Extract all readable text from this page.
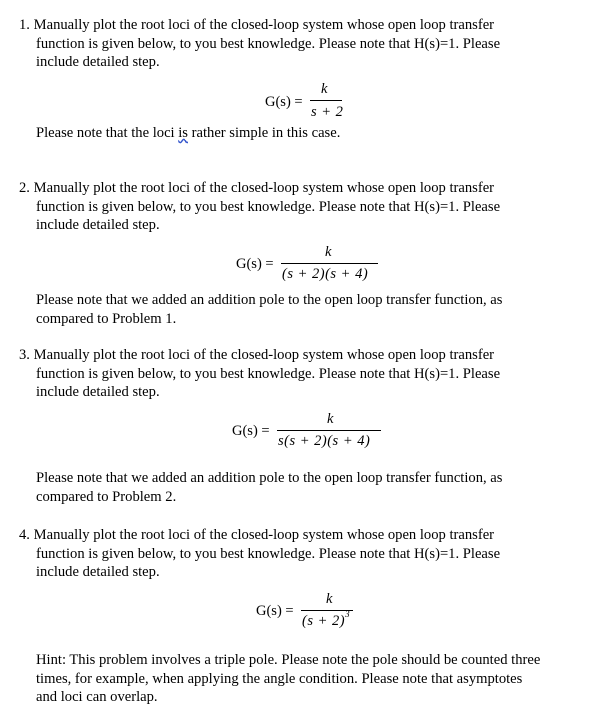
1. Manually plot the root loci of the closed-loop system whose open loop transfer
function is given below, to you best knowledge. Please note that H(s)=1. Please
include detailed step.
G(s) =
k
s + 2
Please note that the loci is rather simple in this case.
2. Manually plot the root loci of the closed-loop system whose open loop transfer
function is given below, to you best knowledge. Please note that H(s)=1. Please
include detailed step.
G(s) =
k
(s + 2)(s + 4)
Please note that we added an addition pole to the open loop transfer function, as
compared to Problem 1.
3. Manually plot the root loci of the closed-loop system whose open loop transfer
function is given below, to you best knowledge. Please note that H(s)=1. Please
include detailed step.
G(s) =
k
s(s + 2)(s + 4)
Please note that we added an addition pole to the open loop transfer function, as
compared to Problem 2.
4. Manually plot the root loci of the closed-loop system whose open loop transfer
function is given below, to you best knowledge. Please note that H(s)=1. Please
include detailed step.
G(s) =
k
$(s + 2)^3$
Hint: This problem involves a triple pole. Please note the pole should be counted three
times, for example, when applying the angle condition. Please note that asymptotes
and loci can overlap.
